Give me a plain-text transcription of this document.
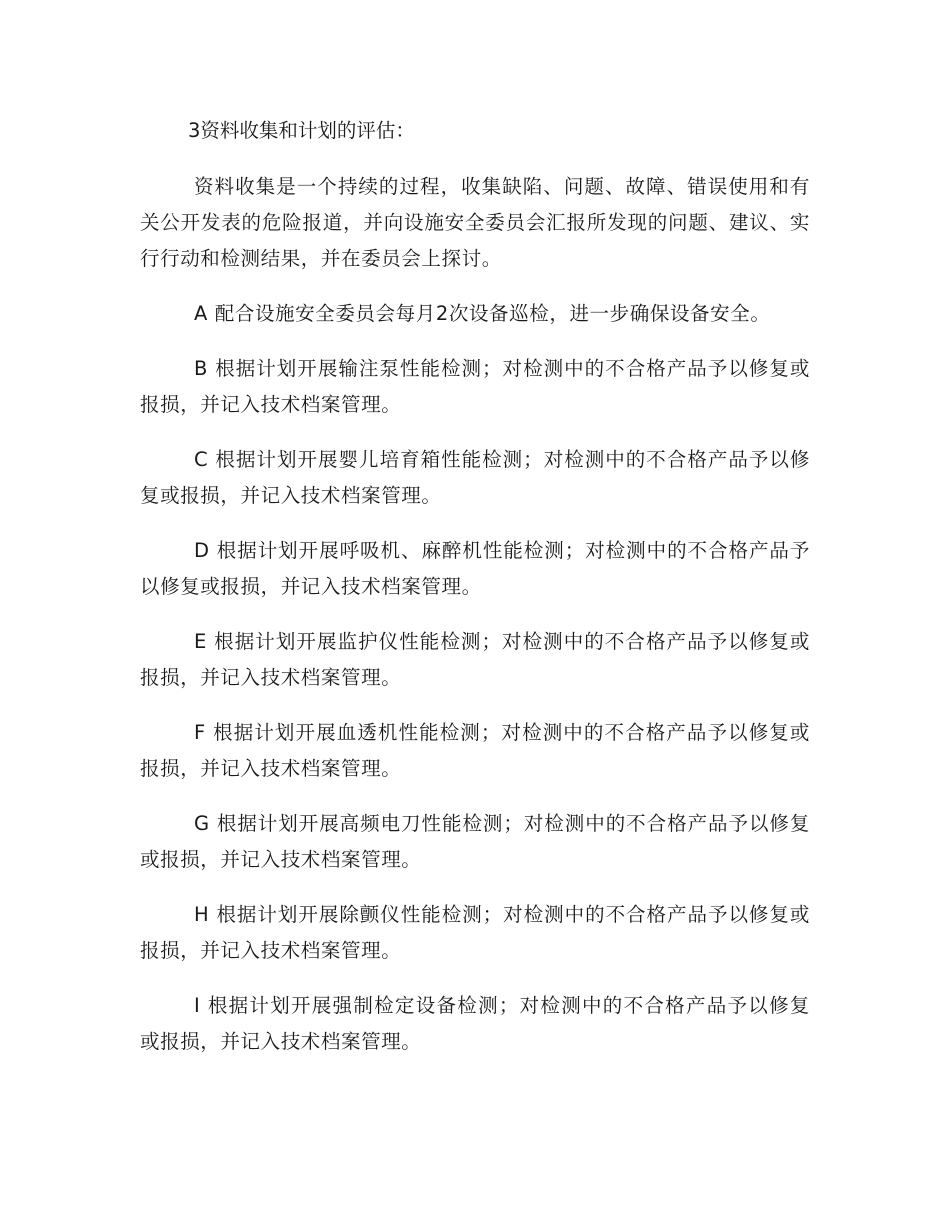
3资料收集和计划的评估：

资料收集是一个持续的过程，收集缺陷、问题、故障、错误使用和有关公开发表的危险报道，并向设施安全委员会汇报所发现的问题、建议、实行行动和检测结果，并在委员会上探讨。

A 配合设施安全委员会每月2次设备巡检，进一步确保设备安全。

B 根据计划开展输注泵性能检测；对检测中的不合格产品予以修复或报损，并记入技术档案管理。

C 根据计划开展婴儿培育箱性能检测；对检测中的不合格产品予以修复或报损，并记入技术档案管理。

D 根据计划开展呼吸机、麻醉机性能检测；对检测中的不合格产品予以修复或报损，并记入技术档案管理。

E 根据计划开展监护仪性能检测；对检测中的不合格产品予以修复或报损，并记入技术档案管理。

F 根据计划开展血透机性能检测；对检测中的不合格产品予以修复或报损，并记入技术档案管理。

G 根据计划开展高频电刀性能检测；对检测中的不合格产品予以修复或报损，并记入技术档案管理。

H 根据计划开展除颤仪性能检测；对检测中的不合格产品予以修复或报损，并记入技术档案管理。

I 根据计划开展强制检定设备检测；对检测中的不合格产品予以修复或报损，并记入技术档案管理。
